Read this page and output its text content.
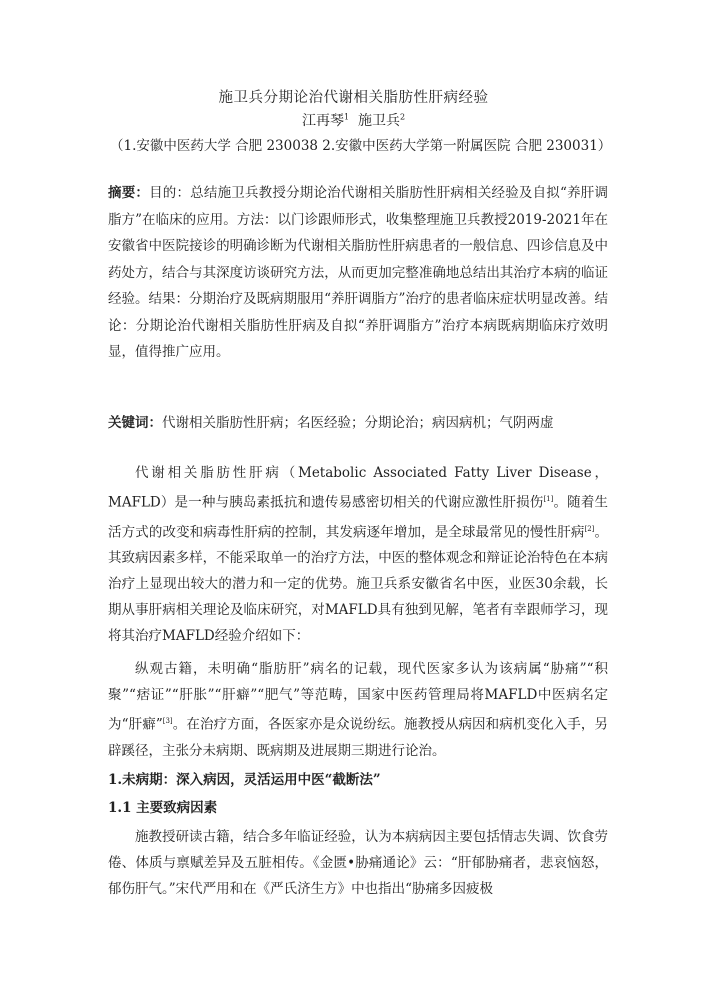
施卫兵分期论治代谢相关脂肪性肝病经验
江再琴$^1$ 施卫兵$^2$
（1.安徽中医药大学 合肥 230038 2.安徽中医药大学第一附属医院 合肥 230031）
摘要：目的：总结施卫兵教授分期论治代谢相关脂肪性肝病相关经验及自拟“养肝调脂方”在临床的应用。方法：以门诊跟师形式，收集整理施卫兵教授2019-2021年在安徽省中医院接诊的明确诊断为代谢相关脂肪性肝病患者的一般信息、四诊信息及中药处方，结合与其深度访谈研究方法，从而更加完整准确地总结出其治疗本病的临证经验。结果：分期治疗及既病期服用“养肝调脂方”治疗的患者临床症状明显改善。结论：分期论治代谢相关脂肪性肝病及自拟“养肝调脂方”治疗本病既病期临床疗效明显，值得推广应用。
关键词：代谢相关脂肪性肝病；名医经验；分期论治；病因病机；气阴两虚
代谢相关脂肪性肝病（Metabolic Associated Fatty Liver Disease，MAFLD）是一种与胰岛素抵抗和遗传易感密切相关的代谢应激性肝损伤[1]。随着生活方式的改变和病毒性肝病的控制，其发病逐年增加，是全球最常见的慢性肝病[2]。其致病因素多样，不能采取单一的治疗方法，中医的整体观念和辩证论治特色在本病治疗上显现出较大的潜力和一定的优势。施卫兵系安徽省名中医，业医30余载，长期从事肝病相关理论及临床研究，对MAFLD具有独到见解，笔者有幸跟师学习，现将其治疗MAFLD经验介绍如下：
纵观古籍，未明确“脂肪肝”病名的记载，现代医家多认为该病属“胁痛”“积聚”“痞证”“肝胀”“肝癖”“肥气”等范畴，国家中医药管理局将MAFLD中医病名定为“肝癖”[3]。在治疗方面，各医家亦是众说纷纭。施教授从病因和病机变化入手，另辟蹊径，主张分未病期、既病期及进展期三期进行论治。
1.未病期：深入病因，灵活运用中医“截断法”
1.1 主要致病因素
施教授研读古籍，结合多年临证经验，认为本病病因主要包括情志失调、饮食劳倦、体质与禀赋差异及五脏相传。《金匮•胁痛通论》云：“肝郁胁痛者，悲哀恼怒，郁伤肝气。”宋代严用和在《严氏济生方》中也指出“胁痛多因疲极
